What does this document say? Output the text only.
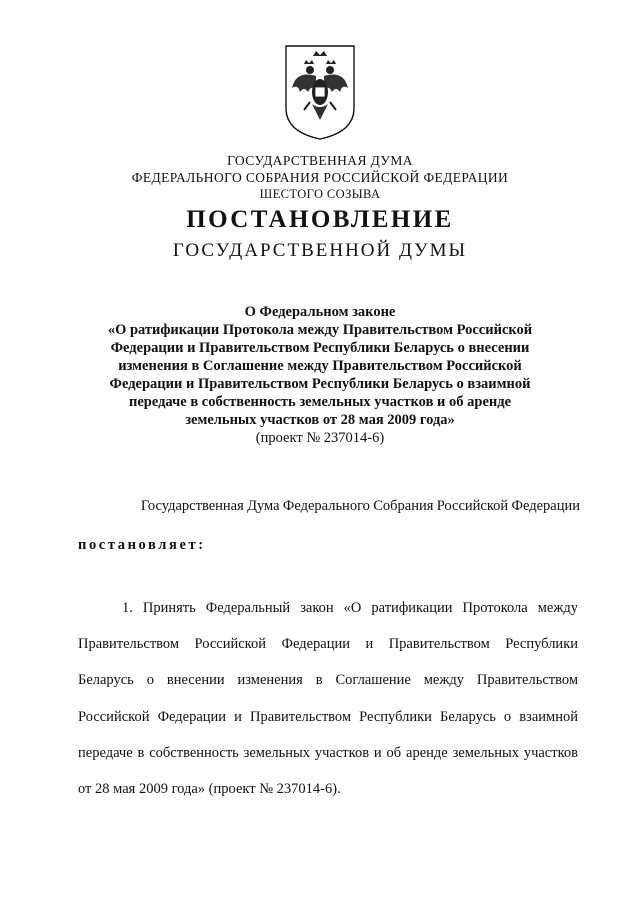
ГОСУДАРСТВЕННАЯ ДУМА
ФЕДЕРАЛЬНОГО СОБРАНИЯ РОССИЙСКОЙ ФЕДЕРАЦИИ
ШЕСТОГО СОЗЫВА
ПОСТАНОВЛЕНИЕ
ГОСУДАРСТВЕННОЙ ДУМЫ
О Федеральном законе
«О ратификации Протокола между Правительством Российской
Федерации и Правительством Республики Беларусь о внесении
изменения в Соглашение между Правительством Российской
Федерации и Правительством Республики Беларусь о взаимной
передаче в собственность земельных участков и об аренде
земельных участков от 28 мая 2009 года»
(проект № 237014-6)
Государственная Дума Федерального Собрания Российской Федерации
постановляет:
1. Принять Федеральный закон «О ратификации Протокола между Правительством Российской Федерации и Правительством Республики Беларусь о внесении изменения в Соглашение между Правительством Российской Федерации и Правительством Республики Беларусь о взаимной передаче в собственность земельных участков и об аренде земельных участков от 28 мая 2009 года» (проект № 237014-6).
